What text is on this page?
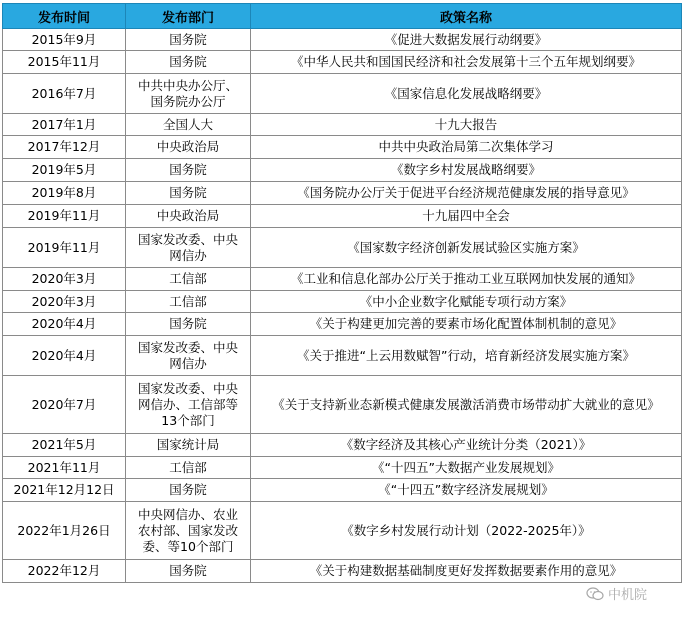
发布时间	发布部门	政策名称
2015年9月	国务院	《促进大数据发展行动纲要》
2015年11月	国务院	《中华人民共和国国民经济和社会发展第十三个五年规划纲要》
2016年7月	中共中央办公厅、
国务院办公厅	《国家信息化发展战略纲要》
2017年1月	全国人大	十九大报告
2017年12月	中央政治局	中共中央政治局第二次集体学习
2019年5月	国务院	《数字乡村发展战略纲要》
2019年8月	国务院	《国务院办公厅关于促进平台经济规范健康发展的指导意见》
2019年11月	中央政治局	十九届四中全会
2019年11月	国家发改委、中央
网信办	《国家数字经济创新发展试验区实施方案》
2020年3月	工信部	《工业和信息化部办公厅关于推动工业互联网加快发展的通知》
2020年3月	工信部	《中小企业数字化赋能专项行动方案》
2020年4月	国务院	《关于构建更加完善的要素市场化配置体制机制的意见》
2020年4月	国家发改委、中央
网信办	《关于推进“上云用数赋智”行动，培育新经济发展实施方案》
2020年7月	国家发改委、中央
网信办、工信部等
13个部门	《关于支持新业态新模式健康发展激活消费市场带动扩大就业的意见》
2021年5月	国家统计局	《数字经济及其核心产业统计分类（2021）》
2021年11月	工信部	《“十四五”大数据产业发展规划》
2021年12月12日	国务院	《“十四五”数字经济发展规划》
2022年1月26日	中央网信办、农业
农村部、国家发改
委、等10个部门	《数字乡村发展行动计划（2022-2025年）》
2022年12月	国务院	《关于构建数据基础制度更好发挥数据要素作用的意见》
中机院
